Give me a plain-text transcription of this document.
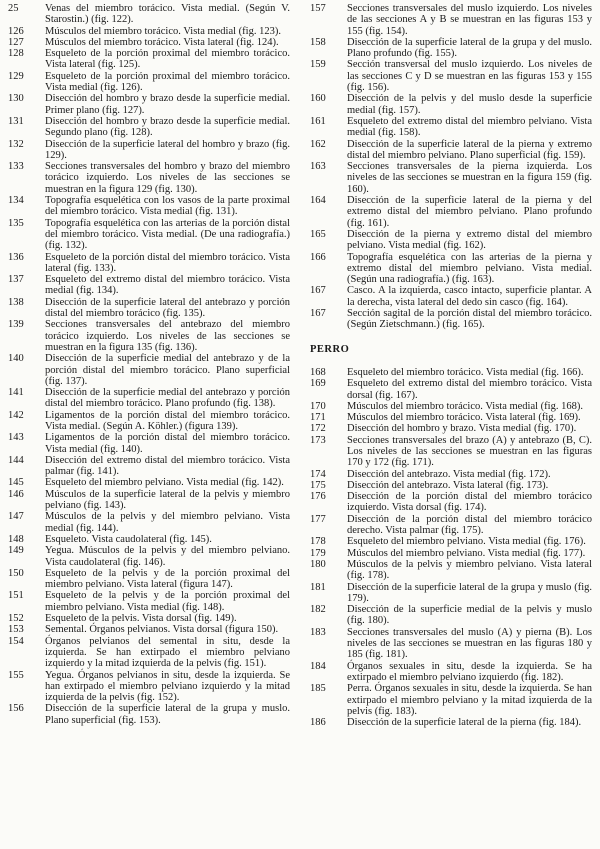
25	Venas del miembro torácico. Vista medial. (Según V. Starostin.) (fig. 122).
126	Músculos del miembro torácico. Vista medial (fig. 123).
127	Músculos del miembro torácico. Vista lateral (fig. 124).
128	Esqueleto de la porción proximal del miembro torácico. Vista lateral (fig. 125).
129	Esqueleto de la porción proximal del miembro torácico. Vista medial (fig. 126).
130	Disección del hombro y brazo desde la superficie medial. Primer plano (fig. 127).
131	Disección del hombro y brazo desde la superficie medial. Segundo plano (fig. 128).
132	Disección de la superficie lateral del hombro y brazo (fig. 129).
133	Secciones transversales del hombro y brazo del miembro torácico izquierdo. Los niveles de las secciones se muestran en la figura 129 (fig. 130).
134	Topografía esquelética con los vasos de la parte proximal del miembro torácico. Vista medial (fig. 131).
135	Topografía esquelética con las arterias de la porción distal del miembro torácico. Vista medial. (De una radiografía.) (fig. 132).
136	Esqueleto de la porción distal del miembro torácico. Vista lateral (fig. 133).
137	Esqueleto del extremo distal del miembro torácico. Vista medial (fig. 134).
138	Disección de la superficie lateral del antebrazo y porción distal del miembro torácico (fig. 135).
139	Secciones transversales del antebrazo del miembro torácico izquierdo. Los niveles de las secciones se muestran en la figura 135 (fig. 136).
140	Disección de la superficie medial del antebrazo y de la porción distal del miembro torácico. Plano superficial (fig. 137).
141	Disección de la superficie medial del antebrazo y porción distal del miembro torácico. Plano profundo (fig. 138).
142	Ligamentos de la porción distal del miembro torácico. Vista medial. (Según A. Köhler.) (figura 139).
143	Ligamentos de la porción distal del miembro torácico. Vista medial (fig. 140).
144	Disección del extremo distal del miembro torácico. Vista palmar (fig. 141).
145	Esqueleto del miembro pelviano. Vista medial (fig. 142).
146	Músculos de la superficie lateral de la pelvis y miembro pelviano (fig. 143).
147	Músculos de la pelvis y del miembro pelviano. Vista medial (fig. 144).
148	Esqueleto. Vista caudolateral (fig. 145).
149	Yegua. Músculos de la pelvis y del miembro pelviano. Vista caudolateral (fig. 146).
150	Esqueleto de la pelvis y de la porción proximal del miembro pelviano. Vista lateral (figura 147).
151	Esqueleto de la pelvis y de la porción proximal del miembro pelviano. Vista medial (fig. 148).
152	Esqueleto de la pelvis. Vista dorsal (fig. 149).
153	Semental. Órganos pelvianos. Vista dorsal (figura 150).
154	Órganos pelvianos del semental in situ, desde la izquierda. Se han extirpado el miembro pelviano izquierdo y la mitad izquierda de la pelvis (fig. 151).
155	Yegua. Órganos pelvianos in situ, desde la izquierda. Se han extirpado el miembro pelviano izquierdo y la mitad izquierda de la pelvis (fig. 152).
156	Disección de la superficie lateral de la grupa y muslo. Plano superficial (fig. 153).
157	Secciones transversales del muslo izquierdo. Los niveles de las secciones A y B se muestran en las figuras 153 y 155 (fig. 154).
158	Disección de la superficie lateral de la grupa y del muslo. Plano profundo (fig. 155).
159	Sección transversal del muslo izquierdo. Los niveles de las secciones C y D se muestran en las figuras 153 y 155 (fig. 156).
160	Disección de la pelvis y del muslo desde la superficie medial (fig. 157).
161	Esqueleto del extremo distal del miembro pelviano. Vista medial (fig. 158).
162	Disección de la superficie lateral de la pierna y extremo distal del miembro pelviano. Plano superficial (fig. 159).
163	Secciones transversales de la pierna izquierda. Los niveles de las secciones se muestran en la figura 159 (fig. 160).
164	Disección de la superficie lateral de la pierna y del extremo distal del miembro pelviano. Plano profundo (fig. 161).
165	Disección de la pierna y extremo distal del miembro pelviano. Vista medial (fig. 162).
166	Topografía esquelética con las arterias de la pierna y extremo distal del miembro pelviano. Vista medial. (Según una radiografía.) (fig. 163).
167	Casco. A la izquierda, casco intacto, superficie plantar. A la derecha, vista lateral del dedo sin casco (fig. 164).
167	Sección sagital de la porción distal del miembro torácico. (Según Zietschmann.) (fig. 165).
PERRO
168	Esqueleto del miembro torácico. Vista medial (fig. 166).
169	Esqueleto del extremo distal del miembro torácico. Vista dorsal (fig. 167).
170	Músculos del miembro torácico. Vista medial (fig. 168).
171	Músculos del miembro torácico. Vista lateral (fig. 169).
172	Disección del hombro y brazo. Vista medial (fig. 170).
173	Secciones transversales del brazo (A) y antebrazo (B, C). Los niveles de las secciones se muestran en las figuras 170 y 172 (fig. 171).
174	Disección del antebrazo. Vista medial (fig. 172).
175	Disección del antebrazo. Vista lateral (fig. 173).
176	Disección de la porción distal del miembro torácico izquierdo. Vista dorsal (fig. 174).
177	Disección de la porción distal del miembro torácico derecho. Vista palmar (fig. 175).
178	Esqueleto del miembro pelviano. Vista medial (fig. 176).
179	Músculos del miembro pelviano. Vista medial (fig. 177).
180	Músculos de la pelvis y miembro pelviano. Vista lateral (fig. 178).
181	Disección de la superficie lateral de la grupa y muslo (fig. 179).
182	Disección de la superficie medial de la pelvis y muslo (fig. 180).
183	Secciones transversales del muslo (A) y pierna (B). Los niveles de las secciones se muestran en las figuras 180 y 185 (fig. 181).
184	Órganos sexuales in situ, desde la izquierda. Se ha extirpado el miembro pelviano izquierdo (fig. 182).
185	Perra. Órganos sexuales in situ, desde la izquierda. Se han extirpado el miembro pelviano y la mitad izquierda de la pelvis (fig. 183).
186	Disección de la superficie lateral de la pierna (fig. 184).
